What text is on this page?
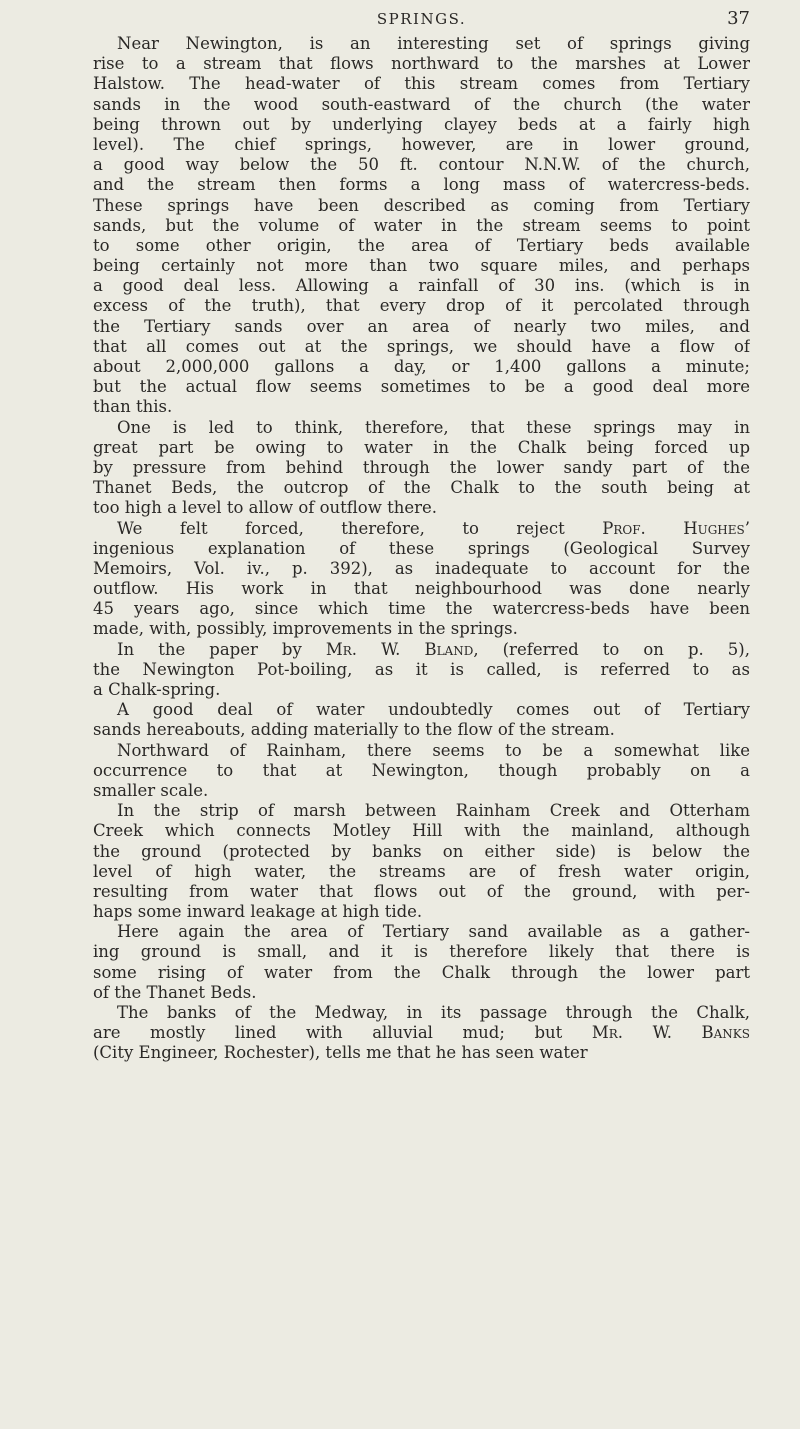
SPRINGS.	37
Near Newington, is an interesting set of springs giving
rise to a stream that flows northward to the marshes at Lower
Halstow. The head-water of this stream comes from Tertiary
sands in the wood south-eastward of the church (the water
being thrown out by underlying clayey beds at a fairly high
level). The chief springs, however, are in lower ground,
a good way below the 50 ft. contour N.N.W. of the church,
and the stream then forms a long mass of watercress-beds.
These springs have been described as coming from Tertiary
sands, but the volume of water in the stream seems to point
to some other origin, the area of Tertiary beds available
being certainly not more than two square miles, and perhaps
a good deal less. Allowing a rainfall of 30 ins. (which is in
excess of the truth), that every drop of it percolated through
the Tertiary sands over an area of nearly two miles, and
that all comes out at the springs, we should have a flow of
about 2,000,000 gallons a day, or 1,400 gallons a minute;
but the actual flow seems sometimes to be a good deal more
than this.
One is led to think, therefore, that these springs may in
great part be owing to water in the Chalk being forced up
by pressure from behind through the lower sandy part of the
Thanet Beds, the outcrop of the Chalk to the south being at
too high a level to allow of outflow there.
We felt forced, therefore, to reject Prof. Hughes’
ingenious explanation of these springs (Geological Survey
Memoirs, Vol. iv., p. 392), as inadequate to account for the
outflow. His work in that neighbourhood was done nearly
45 years ago, since which time the watercress-beds have been
made, with, possibly, improvements in the springs.
In the paper by Mr. W. Bland, (referred to on p. 5),
the Newington Pot-boiling, as it is called, is referred to as
a Chalk-spring.
A good deal of water undoubtedly comes out of Tertiary
sands hereabouts, adding materially to the flow of the stream.
Northward of Rainham, there seems to be a somewhat like
occurrence to that at Newington, though probably on a
smaller scale.
In the strip of marsh between Rainham Creek and Otterham
Creek which connects Motley Hill with the mainland, although
the ground (protected by banks on either side) is below the
level of high water, the streams are of fresh water origin,
resulting from water that flows out of the ground, with per-
haps some inward leakage at high tide.
Here again the area of Tertiary sand available as a gather-
ing ground is small, and it is therefore likely that there is
some rising of water from the Chalk through the lower part
of the Thanet Beds.
The banks of the Medway, in its passage through the Chalk,
are mostly lined with alluvial mud; but Mr. W. Banks
(City Engineer, Rochester), tells me that he has seen water
